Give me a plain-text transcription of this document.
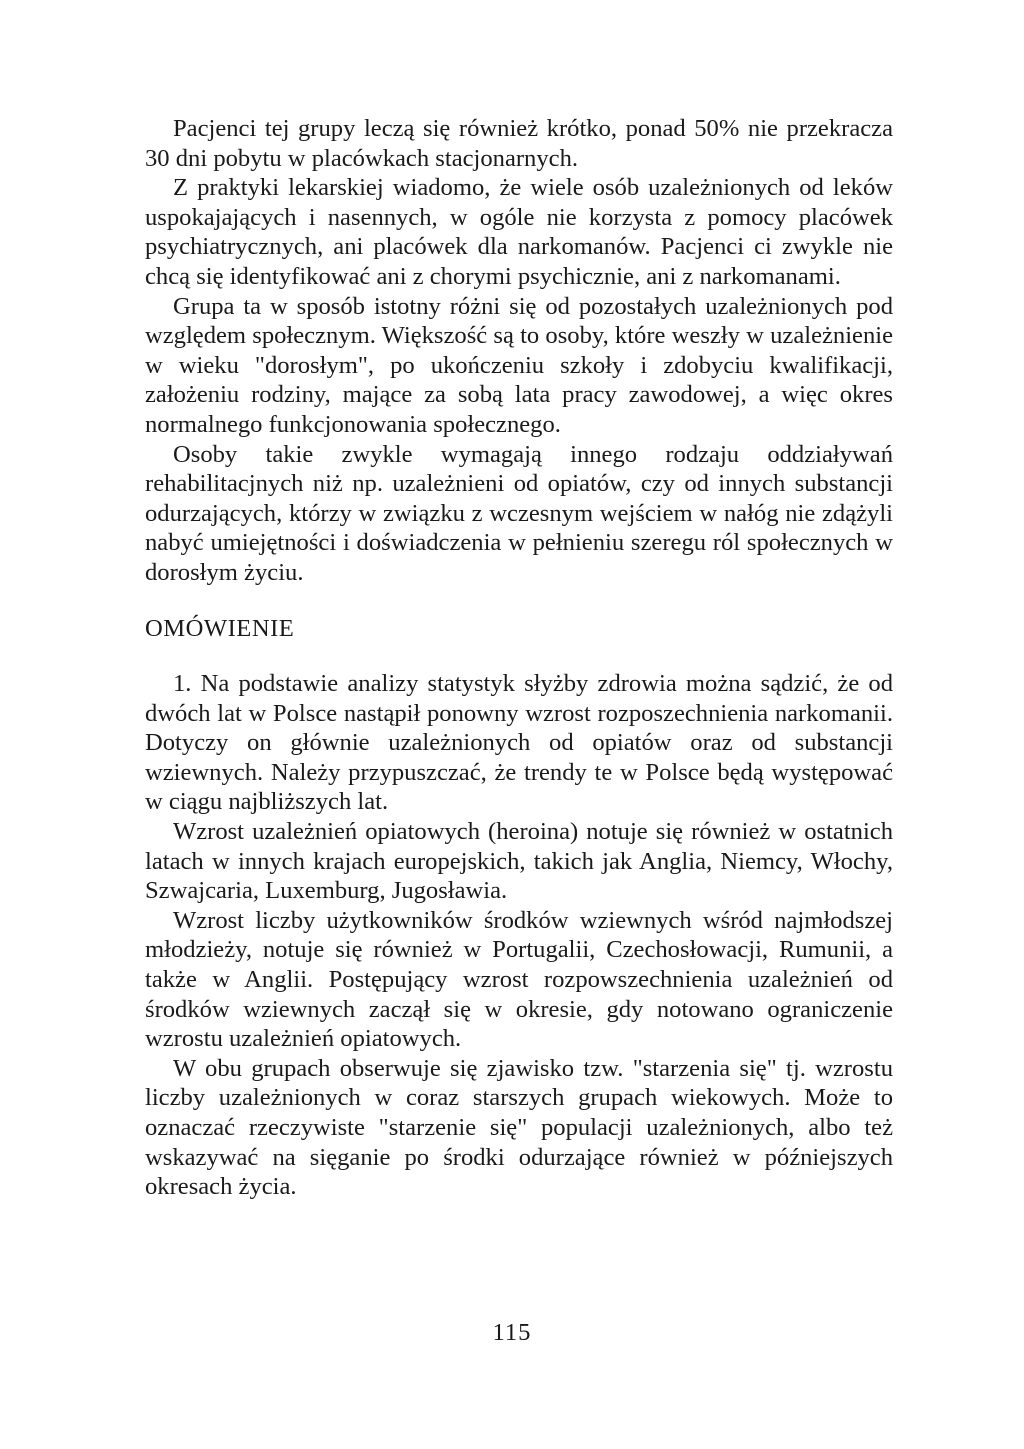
Pacjenci tej grupy leczą się również krótko, ponad 50% nie przekracza 30 dni pobytu w placówkach stacjonarnych.

Z praktyki lekarskiej wiadomo, że wiele osób uzależnionych od leków uspokajających i nasennych, w ogóle nie korzysta z pomocy placówek psychiatrycznych, ani placówek dla narkomanów. Pacjenci ci zwykle nie chcą się identyfikować ani z chorymi psychicznie, ani z narkomanami.

Grupa ta w sposób istotny różni się od pozostałych uzależnionych pod względem społecznym. Większość są to osoby, które weszły w uzależnienie w wieku "dorosłym", po ukończeniu szkoły i zdobyciu kwalifikacji, założeniu rodziny, mające za sobą lata pracy zawodowej, a więc okres normalnego funkcjonowania społecznego.

Osoby takie zwykle wymagają innego rodzaju oddziaływań rehabilitacjnych niż np. uzależnieni od opiatów, czy od innych substancji odurzających, którzy w związku z wczesnym wejściem w nałóg nie zdążyli nabyć umiejętności i doświadczenia w pełnieniu szeregu ról społecznych w dorosłym życiu.

OMÓWIENIE

1. Na podstawie analizy statystyk słyżby zdrowia można sądzić, że od dwóch lat w Polsce nastąpił ponowny wzrost rozposzechnienia narkomanii. Dotyczy on głównie uzależnionych od opiatów oraz od substancji wziewnych. Należy przypuszczać, że trendy te w Polsce będą występować w ciągu najbliższych lat.

Wzrost uzależnień opiatowych (heroina) notuje się również w ostatnich latach w innych krajach europejskich, takich jak Anglia, Niemcy, Włochy, Szwajcaria, Luxemburg, Jugosławia.

Wzrost liczby użytkowników środków wziewnych wśród najmłodszej młodzieży, notuje się również w Portugalii, Czechosłowacji, Rumunii, a także w Anglii. Postępujący wzrost rozpowszechnienia uzależnień od środków wziewnych zaczął się w okresie, gdy notowano ograniczenie wzrostu uzależnień opiatowych.

W obu grupach obserwuje się zjawisko tzw. "starzenia się" tj. wzrostu liczby uzależnionych w coraz starszych grupach wiekowych. Może to oznaczać rzeczywiste "starzenie się" populacji uzależnionych, albo też wskazywać na sięganie po środki odurzające również w późniejszych okresach życia.

115
